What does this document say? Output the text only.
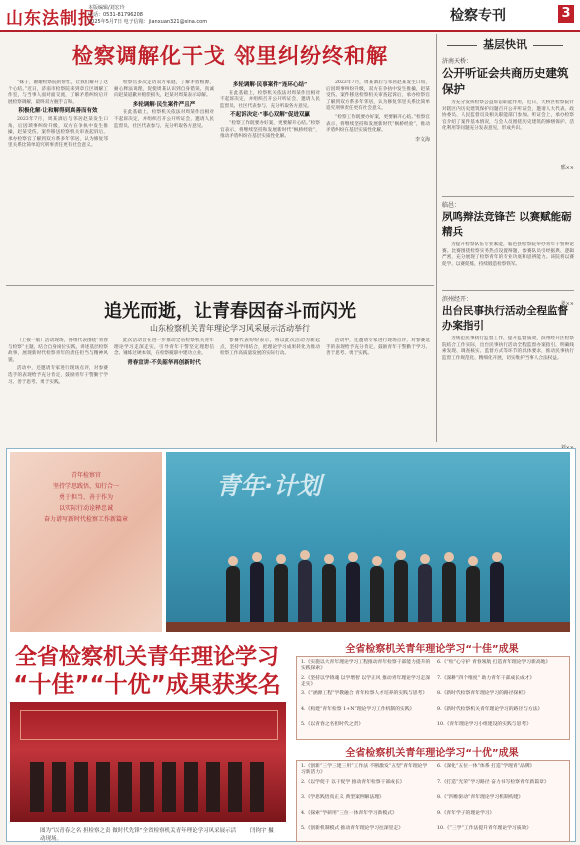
山东法制报
本版编辑/刘宏玲
电话：0531-81796208
2025年5月7日 电子信箱：jianxuan321@sina.com	检察专刊	3
检察调解化干戈 邻里纠纷终和解

“妹子，谢谢检察院的帮忙，让我们解开了这个心结。”近日，济南市检察院来到章丘区调解工作室，与当事人面对面交流，了解矛盾纠纷后开展检察调解，最终双方握手言和。

积极化解·让和解得到真善而有效

2023年7月，周某酒后与邻居赵某发生口角，后因琐事纠纷升级，双方在争执中发生推搡，赵某受伤。案件移送检察机关审查起诉后，承办检察官了解到双方系多年邻居，认为修复邻里关系比简单追究刑事责任更有社会意义。

检察官多次走访双方家庭，了解矛盾根源，耐心释法说理，促使周某认识到自身错误，真诚向赵某道歉并赔偿损失，赵某对周某表示谅解。

多轮调解·民生案件严且严

在此基础上，检察机关依法对周某作出相对不起诉决定，并组织召开公开听证会，邀请人民监督员、社区代表参与，充分听取各方意见。

多轮调解·民事案件“连环心结”

在此基础上，检察机关依法对周某作出相对不起诉决定，并组织召开公开听证会，邀请人民监督员、社区代表参与，充分听取各方意见。

不起诉决定·“事心双解”促进双赢

“检察工作既要办好案，更要解开心结。”检察官表示，将继续坚持和发展新时代“枫桥经验”，推动矛盾纠纷在基层实质性化解。

2023年7月，周某酒后与邻居赵某发生口角，后因琐事纠纷升级，双方在争执中发生推搡，赵某受伤。案件移送检察机关审查起诉后，承办检察官了解到双方系多年邻居，认为修复邻里关系比简单追究刑事责任更有社会意义。

“检察工作既要办好案，更要解开心结。”检察官表示，将继续坚持和发展新时代“枫桥经验”，推动矛盾纠纷在基层实质性化解。

李文海
追光而逝，让青春因奋斗而闪光
山东检察机关青年理论学习风采展示活动举行

（上接一版）活动现场，各组代表围绕“青春与检察”主题，结合自身岗位实践，讲述基层检察故事，展现新时代检察青年的责任担当与精神风貌。

活动中，还邀请专家进行现场点评，对参赛选手的表现给予充分肯定，鼓励青年干警勤于学习、善于思考、勇于实践。

此次活动旨在进一步推动全省检察机关青年理论学习走深走实，引导青年干警坚定理想信念、锤炼过硬本领，在检察履职中建功立业。

青春宣讲·不负韶华再创新时代

参赛代表纷纷表示，将以此次活动为新起点，坚持学用结合，把理论学习成果转化为推动检察工作高质量发展的实际行动。

活动中，还邀请专家进行现场点评，对参赛选手的表现给予充分肯定，鼓励青年干警勤于学习、善于思考、勇于实践。

基层快讯
济南天桥：
公开听证会共商历史建筑保护

为充分发挥检察公益诉讼职能作用，近日，天桥区检察院针对辖区内历史建筑保护问题召开公开听证会，邀请人大代表、政协委员、人民监督员及相关职能部门参加。听证会上，承办检察官介绍了案件基本情况，与会人员围绕历史建筑的修缮保护、活化利用等问题充分发表意见，形成共识。

邢××
临邑：
夙鸣辩法竞锋芒 以赛赋能砺精兵

为提升检察队伍专业素能，临邑县检察院举办青年干警辩论赛。比赛围绕检察实务热点设置辩题，参赛队员引经据典、逻辑严密，充分展现了检察青年的专业功底和思辨能力。该院将以赛促学、以赛促练，持续锻造检察铁军。

姜××
滨州经开：
出台民事执行活动全程监督办案指引

为规范民事执行监督工作，提升监督质效，滨州经开区检察院结合工作实际，出台民事执行活动全程监督办案指引，明确线索发现、调查核实、监督方式等环节的具体要求，推动民事执行监督工作规范化、精细化开展，切实维护当事人合法权益。

青年检察官
坚持学思践悟、知行合一
勇于担当、善于作为
以实际行动诠释忠诚
奋力谱写新时代检察工作新篇章
青年·计划
全省检察机关青年理论学习
“十佳”“十优”成果获奖名
图为“以青春之名 担检察之责 做时代先锋”全省检察机关青年理论学习风采展示活动现场。
闫钧宇 摄
全省检察机关青年理论学习“十佳”成果
1.《实施以大青年理论学习工程推动青年检察干部能力提升的实践探索》
2.《坚持以学铸魂 以学增智 以学正风 推动青年理论学习走深走实》
3.《“涵源工程”学教融合 青年检察人才培养的实践与思考》
4.《构建“青年检察 1+N”理论学习工作机制的实践》
5.《以青春之名担时代之责》
6.《“检”心守护 青春领航 打造青年理论学习新高地》
7.《深耕“四个维度” 助力青年干部成长成才》
8.《新时代检察青年理论学习的路径探析》
9.《新时代检察机关青年理论学习的路径与方法》
10.《青年理论学习小组建设的实践与思考》
全省检察机关青年理论学习“十优”成果
1.《创新“三学三建三用”工作法 不断激发“五型”青年理论学习新活力》
2.《以学促干 以干促学 推动青年检察干部成长》
3.《学思践悟真正义 典型案例解法理》
4.《探索“学研用”三位一体青年学习新模式》
5.《创新机制模式 推动青年理论学习往深里走》
6.《深化“五位一体”体系 打造“学理青”品牌》
7.《打造“光荣”学习路径 奋力书写检察青年新篇章》
8.《“四维驱动”青年理论学习机制构建》
9.《青年学子的理论学习》
10.《“三学”工作法提升青年理论学习质效》
